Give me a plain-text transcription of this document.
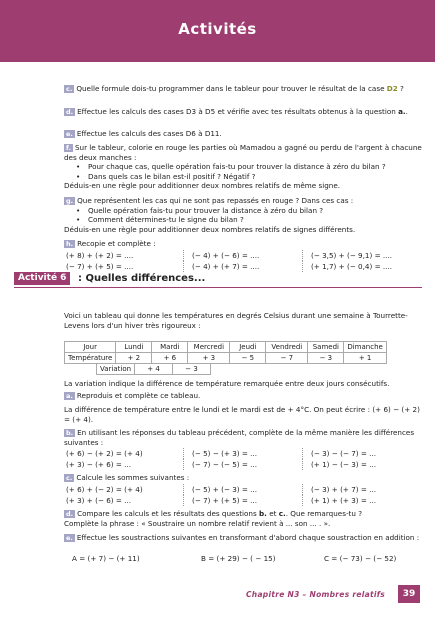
Activités
c. Quelle formule dois-tu programmer dans le tableur pour trouver le résultat de la case D2 ?
d. Effectue les calculs des cases D3 à D5 et vérifie avec tes résultats obtenus à la question a..
e. Effectue les calculs des cases D6 à D11.
f. Sur le tableur, colorie en rouge les parties où Mamadou a gagné ou perdu de l'argent à chacune des deux manches :
• Pour chaque cas, quelle opération fais-tu pour trouver la distance à zéro du bilan ?
• Dans quels cas le bilan est-il positif ? Négatif ?
Déduis-en une règle pour additionner deux nombres relatifs de même signe.
g. Que représentent les cas qui ne sont pas repassés en rouge ? Dans ces cas :
• Quelle opération fais-tu pour trouver la distance à zéro du bilan ?
• Comment détermines-tu le signe du bilan ?
Déduis-en une règle pour additionner deux nombres relatifs de signes différents.
h. Recopie et complète :
(+ 8) + (+ 2) = ....	(− 4) + (− 6) = ....	(− 3,5) + (− 9,1) = ....
(− 7) + (+ 5) = ....	(− 4) + (+ 7) = ....	(+ 1,7) + (− 0,4) = ....
Activité 6	: Quelles différences...
Voici un tableau qui donne les températures en degrés Celsius durant une semaine à Tourrette-Levens lors d'un hiver très rigoureux :
Jour	Lundi	Mardi	Mercredi	Jeudi	Vendredi	Samedi	Dimanche
Température	+ 2	+ 6	+ 3	− 5	− 7	− 3	+ 1
Variation	+ 4	− 3
La variation indique la différence de température remarquée entre deux jours consécutifs.
a. Reproduis et complète ce tableau.
La différence de température entre le lundi et le mardi est de + 4°C. On peut écrire : (+ 6) − (+ 2) = (+ 4).
b. En utilisant les réponses du tableau précédent, complète de la même manière les différences suivantes :
(+ 6) − (+ 2) = (+ 4)	(− 5) − (+ 3) = ...	(− 3) − (− 7) = ...
(+ 3) − (+ 6) = ...	(− 7) − (− 5) = ...	(+ 1) − (− 3) = ...
c. Calcule les sommes suivantes :
(+ 6) + (− 2) = (+ 4)	(− 5) + (− 3) = ...	(− 3) + (+ 7) = ...
(+ 3) + (− 6) = ...	(− 7) + (+ 5) = ...	(+ 1) + (+ 3) = ...
d. Compare les calculs et les résultats des questions b. et c.. Que remarques-tu ?
Complète la phrase : « Soustraire un nombre relatif revient à ... son ... . ».
e. Effectue les soustractions suivantes en transformant d'abord chaque soustraction en addition :
A = (+ 7) − (+ 11)	B = (+ 29) − ( − 15)	C = (− 73) − (− 52)
Chapitre N3 – Nombres relatifs	39
